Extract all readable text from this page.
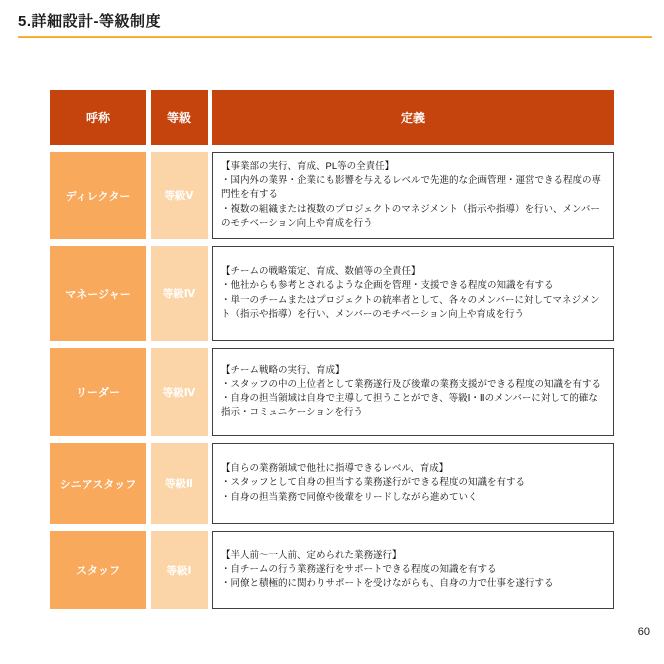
5.詳細設計-等級制度
呼称	等級	定義
ディレクター	等級Ⅴ
【事業部の実行、育成、PL等の全責任】
・国内外の業界・企業にも影響を与えるレベルで先進的な企画管理・運営できる程度の専門性を有する
・複数の組織または複数のプロジェクトのマネジメント（指示や指導）を行い、メンバーのモチベーション向上や育成を行う
マネージャー	等級Ⅳ
【チームの戦略策定、育成、数値等の全責任】
・他社からも参考とされるような企画を管理・支援できる程度の知識を有する
・単一のチームまたはプロジェクトの統率者として、各々のメンバーに対してマネジメント（指示や指導）を行い、メンバーのモチベーション向上や育成を行う
リーダー	等級Ⅳ
【チーム戦略の実行、育成】
・スタッフの中の上位者として業務遂行及び後輩の業務支援ができる程度の知識を有する
・自身の担当領域は自身で主導して担うことができ、等級Ⅰ・Ⅱのメンバーに対して的確な指示・コミュニケーションを行う
シニアスタッフ	等級Ⅱ
【自らの業務領域で他社に指導できるレベル、育成】
・スタッフとして自身の担当する業務遂行ができる程度の知識を有する
・自身の担当業務で同僚や後輩をリードしながら進めていく
スタッフ	等級Ⅰ
【半人前～一人前、定められた業務遂行】
・自チームの行う業務遂行をサポートできる程度の知識を有する
・同僚と積極的に関わりサポートを受けながらも、自身の力で仕事を遂行する
60
